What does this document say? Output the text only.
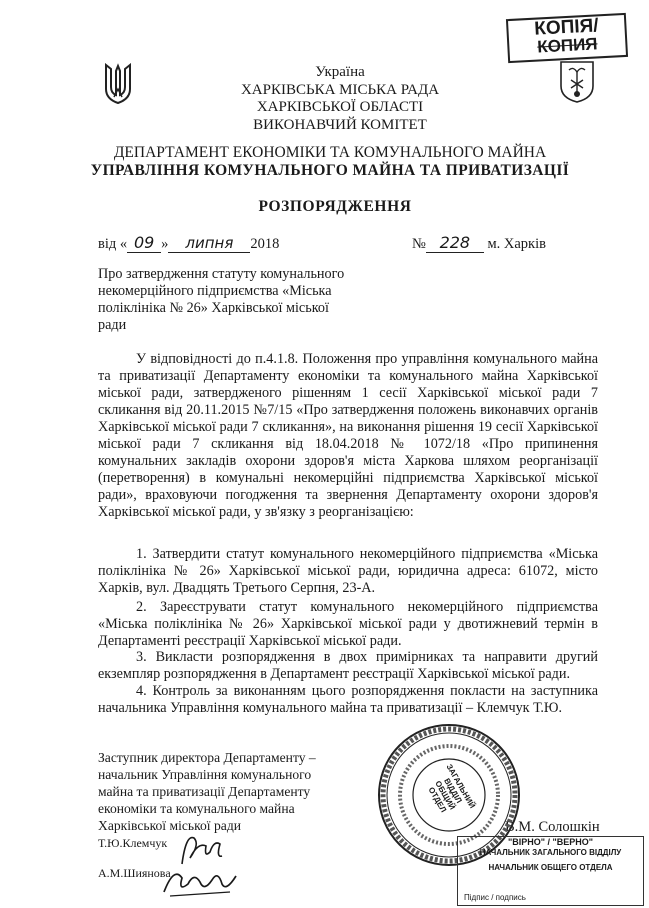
КОПІЯ/
КОПИЯ
Україна
ХАРКІВСЬКА МІСЬКА РАДА
ХАРКІВСЬКОЇ ОБЛАСТІ
ВИКОНАВЧИЙ КОМІТЕТ
ДЕПАРТАМЕНТ ЕКОНОМІКИ ТА КОМУНАЛЬНОГО МАЙНА
УПРАВЛІННЯ КОМУНАЛЬНОГО МАЙНА ТА ПРИВАТИЗАЦІЇ
РОЗПОРЯДЖЕННЯ
від « 09 » липня 2018	№ 228 м. Харків
Про затвердження статуту комунального
некомерційного підприємства «Міська
поліклініка № 26» Харківської міської
ради
У відповідності до п.4.1.8. Положення про управління комунального майна та приватизації Департаменту економіки та комунального майна Харківської міської ради, затвердженого рішенням 1 сесії Харківської міської ради 7 скликання від 20.11.2015 №7/15 «Про затвердження положень виконавчих органів Харківської міської ради 7 скликання», на виконання рішення 19 сесії Харківської міської ради 7 скликання від 18.04.2018 № 1072/18 «Про припинення комунальних закладів охорони здоров'я міста Харкова шляхом реорганізації (перетворення) в комунальні некомерційні підприємства Харківської міської ради», враховуючи погодження та звернення Департаменту охорони здоров'я Харківської міської ради, у зв'язку з реорганізацією:
1. Затвердити статут комунального некомерційного підприємства «Міська поліклініка № 26» Харківської міської ради, юридична адреса: 61072, місто Харків, вул. Двадцять Третього Серпня, 23-А.
2. Зареєструвати статут комунального некомерційного підприємства «Міська поліклініка № 26» Харківської міської ради у двотижневий термін в Департаменті реєстрації Харківської міської ради.
3. Викласти розпорядження в двох примірниках та направити другий екземпляр розпорядження в Департамент реєстрації Харківської міської ради.
4. Контроль за виконанням цього розпорядження покласти на заступника начальника Управління комунального майна та приватизації – Клемчук Т.Ю.
Заступник директора Департаменту –
начальник Управління комунального
майна та приватизації Департаменту
економіки та комунального майна
Харківської міської ради	В.М. Солошкін
Т.Ю.Клемчук
А.М.Шиянова
ЗАГАЛЬНИЙ ВІДДІЛ ОБЩИЙ ОТДЕЛ
"ВІРНО" / "ВЕРНО"
НАЧАЛЬНИК ЗАГАЛЬНОГО ВІДДІЛУ
НАЧАЛЬНИК ОБЩЕГО ОТДЕЛА
Підпис / подпись
